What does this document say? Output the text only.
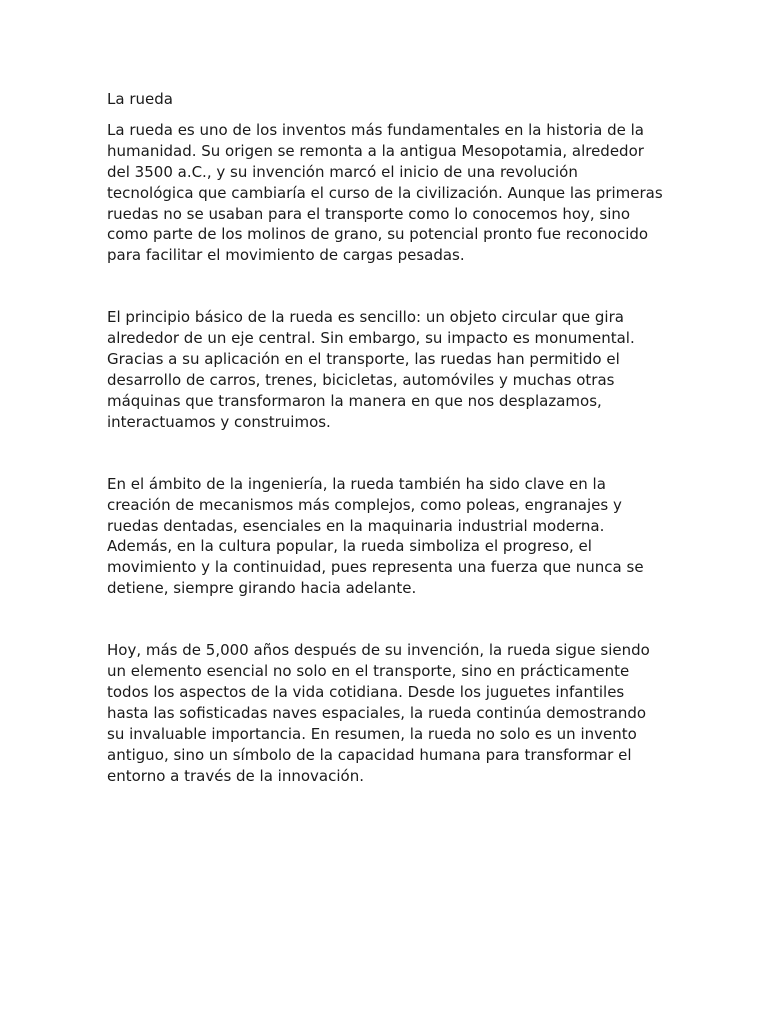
La rueda

La rueda es uno de los inventos más fundamentales en la historia de la humanidad. Su origen se remonta a la antigua Mesopotamia, alrededor del 3500 a.C., y su invención marcó el inicio de una revolución tecnológica que cambiaría el curso de la civilización. Aunque las primeras ruedas no se usaban para el transporte como lo conocemos hoy, sino como parte de los molinos de grano, su potencial pronto fue reconocido para facilitar el movimiento de cargas pesadas.

El principio básico de la rueda es sencillo: un objeto circular que gira alrededor de un eje central. Sin embargo, su impacto es monumental. Gracias a su aplicación en el transporte, las ruedas han permitido el desarrollo de carros, trenes, bicicletas, automóviles y muchas otras máquinas que transformaron la manera en que nos desplazamos, interactuamos y construimos.

En el ámbito de la ingeniería, la rueda también ha sido clave en la creación de mecanismos más complejos, como poleas, engranajes y ruedas dentadas, esenciales en la maquinaria industrial moderna. Además, en la cultura popular, la rueda simboliza el progreso, el movimiento y la continuidad, pues representa una fuerza que nunca se detiene, siempre girando hacia adelante.

Hoy, más de 5,000 años después de su invención, la rueda sigue siendo un elemento esencial no solo en el transporte, sino en prácticamente todos los aspectos de la vida cotidiana. Desde los juguetes infantiles hasta las sofisticadas naves espaciales, la rueda continúa demostrando su invaluable importancia. En resumen, la rueda no solo es un invento antiguo, sino un símbolo de la capacidad humana para transformar el entorno a través de la innovación.
